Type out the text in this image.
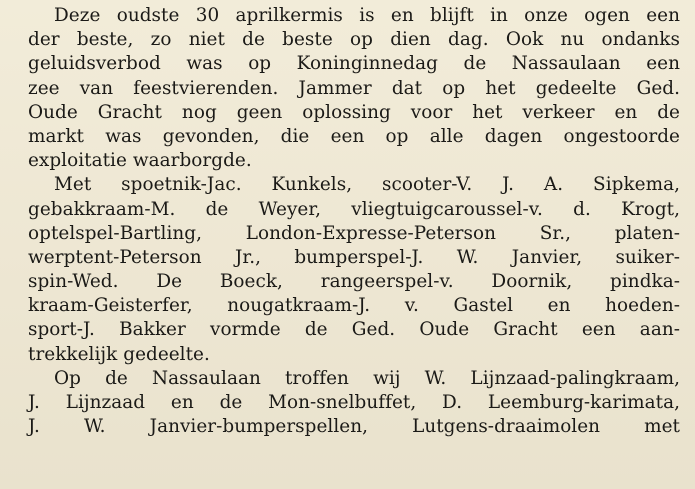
Deze oudste 30 aprilkermis is en blijft in onze ogen een
der beste, zo niet de beste op dien dag. Ook nu ondanks
geluidsverbod was op Koninginnedag de Nassaulaan een
zee van feestvierenden. Jammer dat op het gedeelte Ged.
Oude Gracht nog geen oplossing voor het verkeer en de
markt was gevonden, die een op alle dagen ongestoorde
exploitatie waarborgde.
Met spoetnik-Jac. Kunkels, scooter-V. J. A. Sipkema,
gebakkraam-M. de Weyer, vliegtuigcaroussel-v. d. Krogt,
optelspel-Bartling, London-Expresse-Peterson Sr., platen-
werptent-Peterson Jr., bumperspel-J. W. Janvier, suiker-
spin-Wed. De Boeck, rangeerspel-v. Doornik, pindka-
kraam-Geisterfer, nougatkraam-J. v. Gastel en hoeden-
sport-J. Bakker vormde de Ged. Oude Gracht een aan-
trekkelijk gedeelte.
Op de Nassaulaan troffen wij W. Lijnzaad-palingkraam,
J. Lijnzaad en de Mon-snelbuffet, D. Leemburg-karimata,
J. W. Janvier-bumperspellen, Lutgens-draaimolen met
